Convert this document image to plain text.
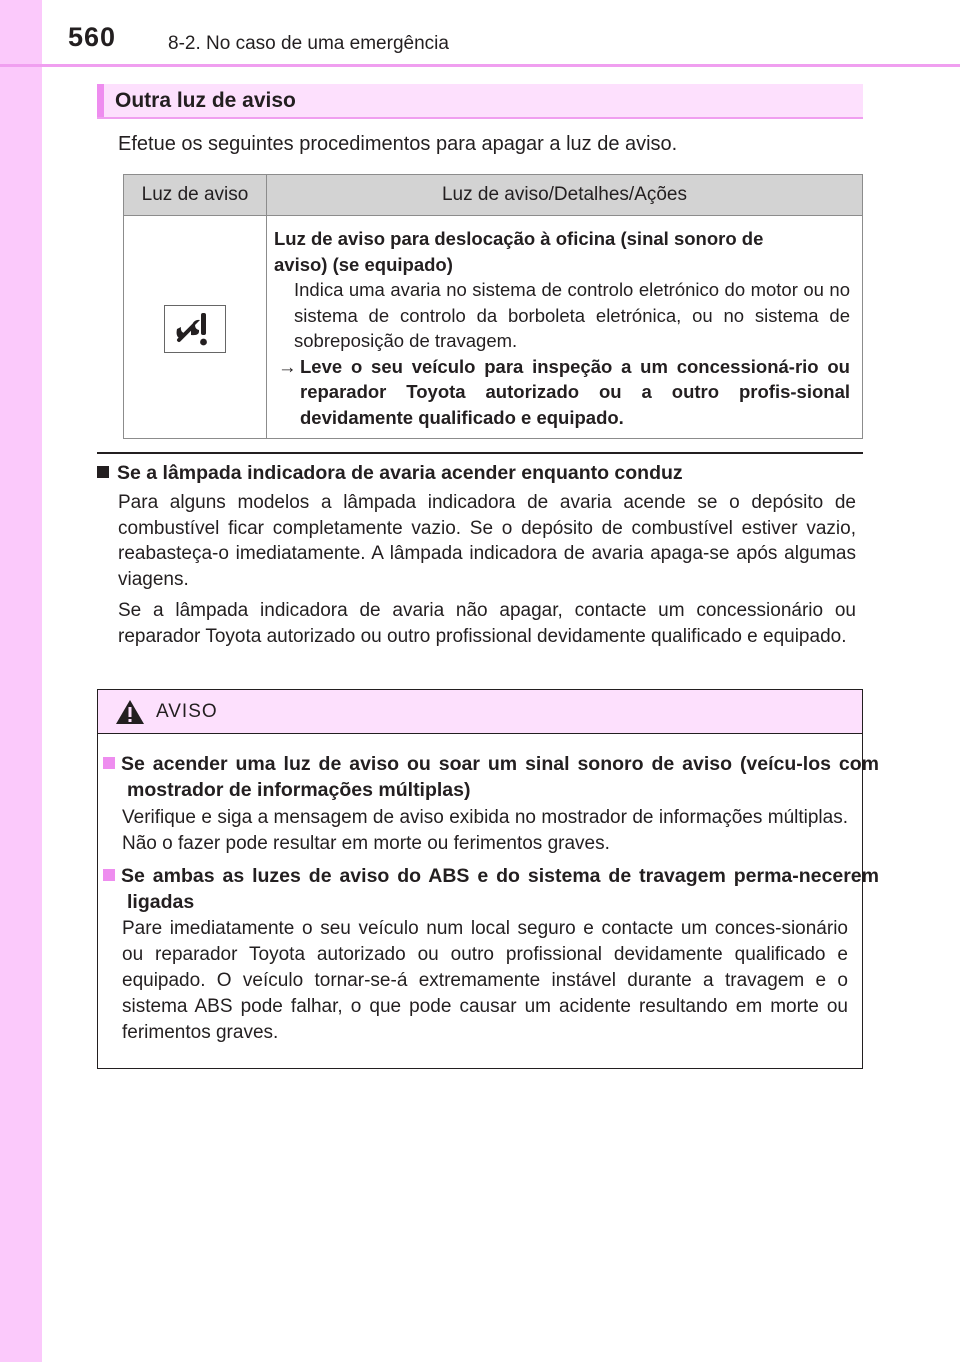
560	8-2. No caso de uma emergência
Outra luz de aviso
Efetue os seguintes procedimentos para apagar a luz de aviso.
Luz de aviso	Luz de aviso/Detalhes/Ações

Luz de aviso para deslocação à oficina (sinal sonoro de
aviso) (se equipado)
Indica uma avaria no sistema de controlo eletrónico do motor ou no sistema de controlo da borboleta eletrónica, ou no sistema de sobreposição de travagem.
→ Leve o seu veículo para inspeção a um concessioná-rio ou reparador Toyota autorizado ou a outro profis-sional devidamente qualificado e equipado.
Se a lâmpada indicadora de avaria acender enquanto conduz
Para alguns modelos a lâmpada indicadora de avaria acende se o depósito de combustível ficar completamente vazio. Se o depósito de combustível estiver vazio, reabasteça-o imediatamente. A lâmpada indicadora de avaria apaga-se após algumas viagens.
Se a lâmpada indicadora de avaria não apagar, contacte um concessionário ou reparador Toyota autorizado ou outro profissional devidamente qualificado e equipado.
AVISO
Se acender uma luz de aviso ou soar um sinal sonoro de aviso (veícu-los com mostrador de informações múltiplas)
Verifique e siga a mensagem de aviso exibida no mostrador de informações múltiplas. Não o fazer pode resultar em morte ou ferimentos graves.
Se ambas as luzes de aviso do ABS e do sistema de travagem perma-necerem ligadas
Pare imediatamente o seu veículo num local seguro e contacte um conces-sionário ou reparador Toyota autorizado ou outro profissional devidamente qualificado e equipado. O veículo tornar-se-á extremamente instável durante a travagem e o sistema ABS pode falhar, o que pode causar um acidente resultando em morte ou ferimentos graves.
